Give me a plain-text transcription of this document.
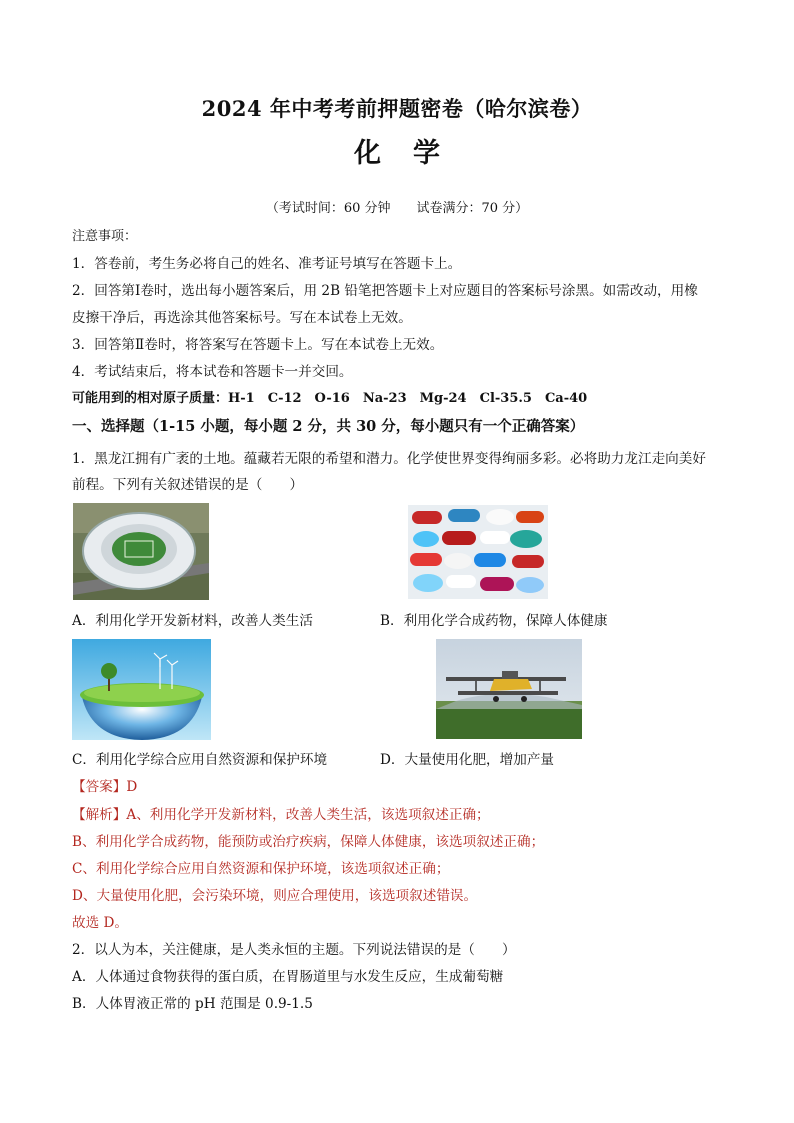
2024 年中考考前押题密卷（哈尔滨卷）
化 学
（考试时间：60 分钟　　试卷满分：70 分）
注意事项：
1．答卷前，考生务必将自己的姓名、准考证号填写在答题卡上。
2．回答第Ⅰ卷时，选出每小题答案后，用 2B 铅笔把答题卡上对应题目的答案标号涂黑。如需改动，用橡
皮擦干净后，再选涂其他答案标号。写在本试卷上无效。
3．回答第Ⅱ卷时，将答案写在答题卡上。写在本试卷上无效。
4．考试结束后，将本试卷和答题卡一并交回。
可能用到的相对原子质量：H-1　C-12　O-16　Na-23　Mg-24　Cl-35.5　Ca-40
一、选择题（1-15 小题，每小题 2 分，共 30 分，每小题只有一个正确答案）
1．黑龙江拥有广袤的土地。蕴藏若无限的希望和潜力。化学使世界变得绚丽多彩。必将助力龙江走向美好
前程。下列有关叙述错误的是（　　）
A．利用化学开发新材料，改善人类生活	B．利用化学合成药物，保障人体健康
C．利用化学综合应用自然资源和保护环境	D．大量使用化肥，增加产量
【答案】D
【解析】A、利用化学开发新材料，改善人类生活，该选项叙述正确；
B、利用化学合成药物，能预防或治疗疾病，保障人体健康，该选项叙述正确；
C、利用化学综合应用自然资源和保护环境，该选项叙述正确；
D、大量使用化肥，会污染环境，则应合理使用，该选项叙述错误。
故选 D。
2．以人为本，关注健康，是人类永恒的主题。下列说法错误的是（　　）
A．人体通过食物获得的蛋白质，在胃肠道里与水发生反应，生成葡萄糖
B．人体胃液正常的 pH 范围是 0.9-1.5
